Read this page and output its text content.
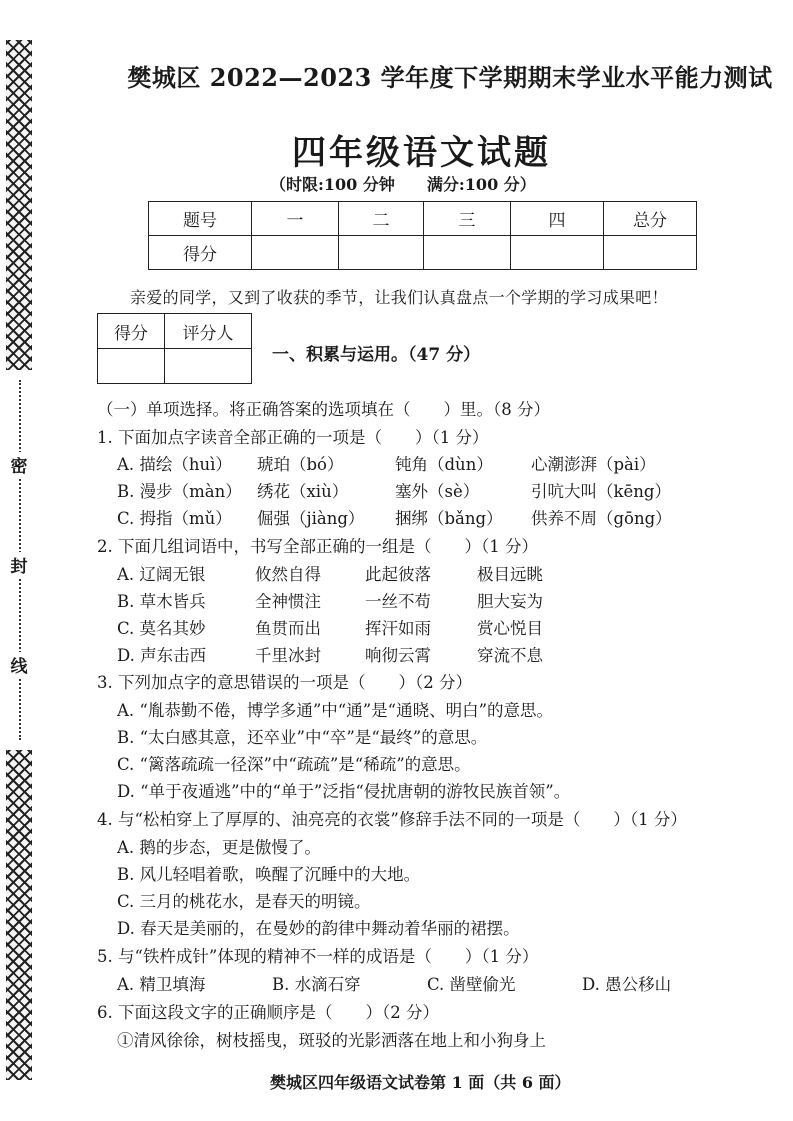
密
封
线
樊城区 2022—2023 学年度下学期期末学业水平能力测试
四年级语文试题
（时限:100 分钟 满分:100 分）
题号	一	二	三	四	总分
得分					
亲爱的同学，又到了收获的季节，让我们认真盘点一个学期的学习成果吧！
得分	评分人

一、积累与运用。（47 分）
（一）单项选择。将正确答案的选项填在（　　）里。（8 分）
1. 下面加点字读音全部正确的一项是（　　）（1 分）
A. 描绘（huì） 琥珀（bó）	钝角（dùn） 心潮澎湃（pài）
B. 漫步（màn） 绣花（xiù）	塞外（sè）	引吭大叫（kēng）
C. 拇指（mǔ） 倔强（jiàng） 捆绑（bǎng） 供养不周（gōng）
2. 下面几组词语中，书写全部正确的一组是（　　）（1 分）
A. 辽阔无银	攸然自得	此起彼落	极目远眺
B. 草木皆兵	全神惯注	一丝不苟	胆大妄为
C. 莫名其妙	鱼贯而出	挥汗如雨	赏心悦目
D. 声东击西	千里冰封	响彻云霄	穿流不息
3. 下列加点字的意思错误的一项是（　　）（2 分）
A. “胤恭勤不倦，博学多通”中“通”是“通晓、明白”的意思。
B. “太白感其意，还卒业”中“卒”是“最终”的意思。
C. “篱落疏疏一径深”中“疏疏”是“稀疏”的意思。
D. “单于夜遁逃”中的“单于”泛指“侵扰唐朝的游牧民族首领”。
4. 与“松柏穿上了厚厚的、油亮亮的衣裳”修辞手法不同的一项是（　　）（1 分）
A. 鹅的步态，更是傲慢了。
B. 风儿轻唱着歌，唤醒了沉睡中的大地。
C. 三月的桃花水，是春天的明镜。
D. 春天是美丽的，在曼妙的韵律中舞动着华丽的裙摆。
5. 与“铁杵成针”体现的精神不一样的成语是（　　）（1 分）
A. 精卫填海	B. 水滴石穿	C. 凿壁偷光	D. 愚公移山
6. 下面这段文字的正确顺序是（　　）（2 分）
①清风徐徐，树枝摇曳，斑驳的光影洒落在地上和小狗身上
樊城区四年级语文试卷第 1 面（共 6 面）
